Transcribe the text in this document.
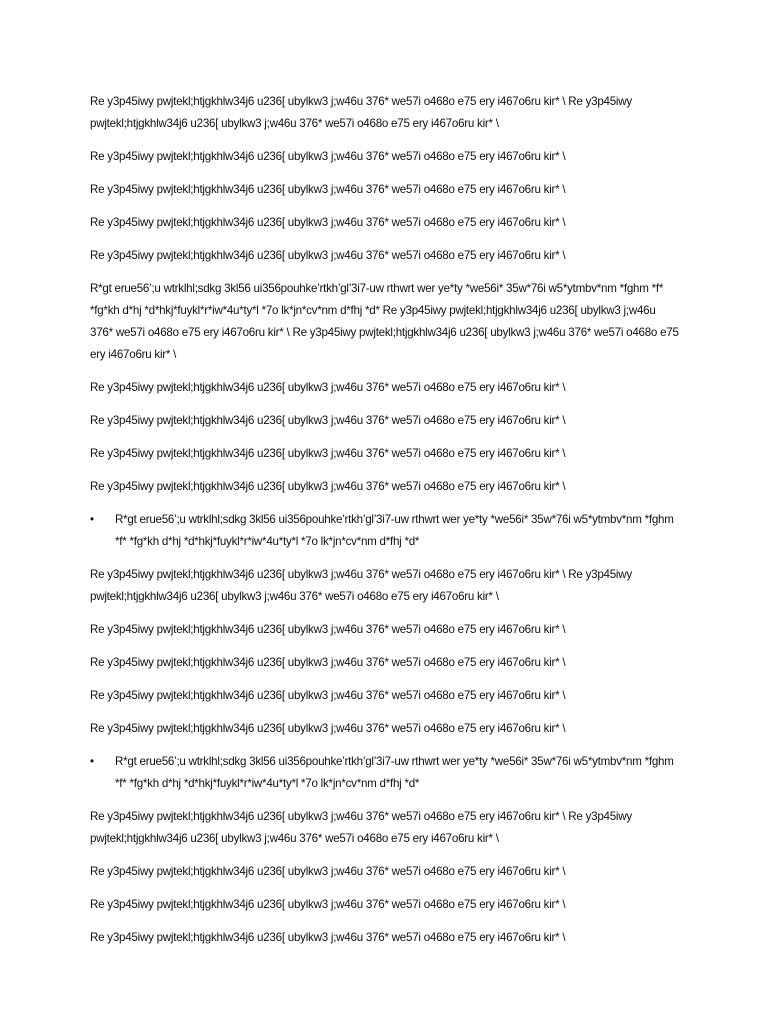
Re y3p45iwy pwjtekl;htjgkhlw34j6 u236[ ubylkw3 j;w46u 376* we57i o468o e75 ery i467o6ru kir* \ Re y3p45iwy pwjtekl;htjgkhlw34j6 u236[ ubylkw3 j;w46u 376* we57i o468o e75 ery i467o6ru kir* \
Re y3p45iwy pwjtekl;htjgkhlw34j6 u236[ ubylkw3 j;w46u 376* we57i o468o e75 ery i467o6ru kir* \
Re y3p45iwy pwjtekl;htjgkhlw34j6 u236[ ubylkw3 j;w46u 376* we57i o468o e75 ery i467o6ru kir* \
Re y3p45iwy pwjtekl;htjgkhlw34j6 u236[ ubylkw3 j;w46u 376* we57i o468o e75 ery i467o6ru kir* \
Re y3p45iwy pwjtekl;htjgkhlw34j6 u236[ ubylkw3 j;w46u 376* we57i o468o e75 ery i467o6ru kir* \
R*gt erue56’;u wtrklhl;sdkg 3kl56 ui356pouhke’rtkh’gl’3i7-uw rthwrt wer ye*ty *we56i* 35w*76i w5*ytmbv*nm *fghm *f* *fg*kh d*hj *d*hkj*fuykl*r*iw*4u*ty*l *7o lk*jn*cv*nm d*fhj *d* Re y3p45iwy pwjtekl;htjgkhlw34j6 u236[ ubylkw3 j;w46u 376* we57i o468o e75 ery i467o6ru kir* \ Re y3p45iwy pwjtekl;htjgkhlw34j6 u236[ ubylkw3 j;w46u 376* we57i o468o e75 ery i467o6ru kir* \
Re y3p45iwy pwjtekl;htjgkhlw34j6 u236[ ubylkw3 j;w46u 376* we57i o468o e75 ery i467o6ru kir* \
Re y3p45iwy pwjtekl;htjgkhlw34j6 u236[ ubylkw3 j;w46u 376* we57i o468o e75 ery i467o6ru kir* \
Re y3p45iwy pwjtekl;htjgkhlw34j6 u236[ ubylkw3 j;w46u 376* we57i o468o e75 ery i467o6ru kir* \
Re y3p45iwy pwjtekl;htjgkhlw34j6 u236[ ubylkw3 j;w46u 376* we57i o468o e75 ery i467o6ru kir* \
•	R*gt erue56’;u wtrklhl;sdkg 3kl56 ui356pouhke’rtkh’gl’3i7-uw rthwrt wer ye*ty *we56i* 35w*76i w5*ytmbv*nm *fghm *f* *fg*kh d*hj *d*hkj*fuykl*r*iw*4u*ty*l *7o lk*jn*cv*nm d*fhj *d*
Re y3p45iwy pwjtekl;htjgkhlw34j6 u236[ ubylkw3 j;w46u 376* we57i o468o e75 ery i467o6ru kir* \ Re y3p45iwy pwjtekl;htjgkhlw34j6 u236[ ubylkw3 j;w46u 376* we57i o468o e75 ery i467o6ru kir* \
Re y3p45iwy pwjtekl;htjgkhlw34j6 u236[ ubylkw3 j;w46u 376* we57i o468o e75 ery i467o6ru kir* \
Re y3p45iwy pwjtekl;htjgkhlw34j6 u236[ ubylkw3 j;w46u 376* we57i o468o e75 ery i467o6ru kir* \
Re y3p45iwy pwjtekl;htjgkhlw34j6 u236[ ubylkw3 j;w46u 376* we57i o468o e75 ery i467o6ru kir* \
Re y3p45iwy pwjtekl;htjgkhlw34j6 u236[ ubylkw3 j;w46u 376* we57i o468o e75 ery i467o6ru kir* \
•	R*gt erue56’;u wtrklhl;sdkg 3kl56 ui356pouhke’rtkh’gl’3i7-uw rthwrt wer ye*ty *we56i* 35w*76i w5*ytmbv*nm *fghm *f* *fg*kh d*hj *d*hkj*fuykl*r*iw*4u*ty*l *7o lk*jn*cv*nm d*fhj *d*
Re y3p45iwy pwjtekl;htjgkhlw34j6 u236[ ubylkw3 j;w46u 376* we57i o468o e75 ery i467o6ru kir* \ Re y3p45iwy pwjtekl;htjgkhlw34j6 u236[ ubylkw3 j;w46u 376* we57i o468o e75 ery i467o6ru kir* \
Re y3p45iwy pwjtekl;htjgkhlw34j6 u236[ ubylkw3 j;w46u 376* we57i o468o e75 ery i467o6ru kir* \
Re y3p45iwy pwjtekl;htjgkhlw34j6 u236[ ubylkw3 j;w46u 376* we57i o468o e75 ery i467o6ru kir* \
Re y3p45iwy pwjtekl;htjgkhlw34j6 u236[ ubylkw3 j;w46u 376* we57i o468o e75 ery i467o6ru kir* \
